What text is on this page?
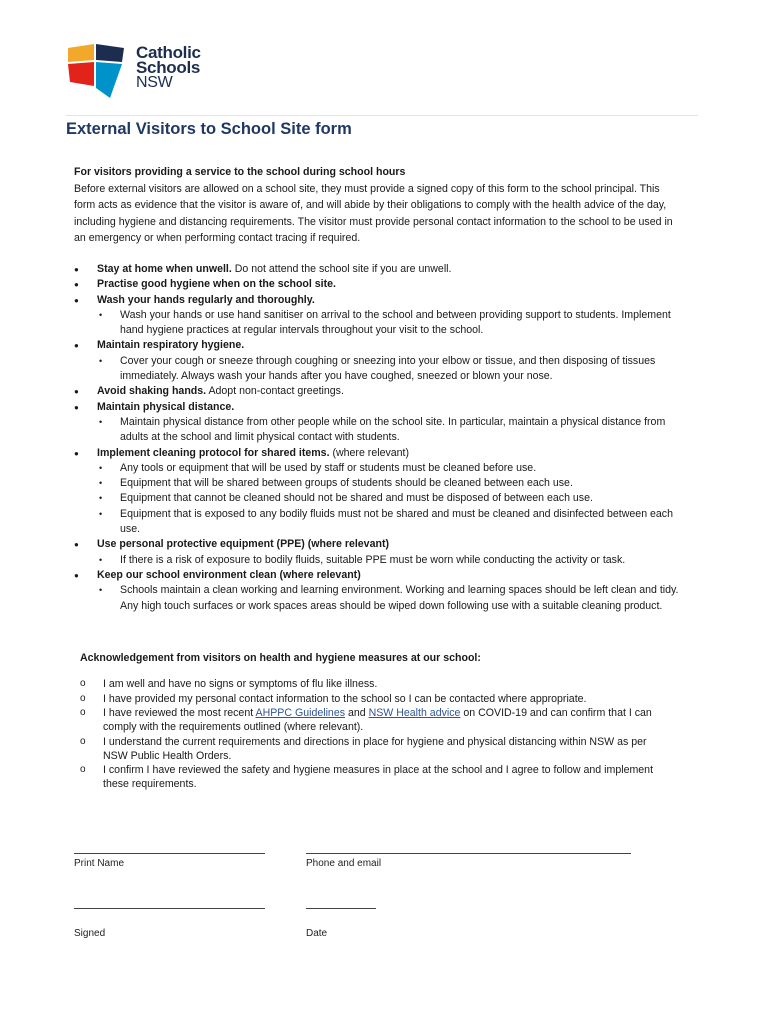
Catholic
Schools
NSW
External Visitors to School Site form
For visitors providing a service to the school during school hours
Before external visitors are allowed on a school site, they must provide a signed copy of this form to the school principal. This form acts as evidence that the visitor is aware of, and will abide by their obligations to comply with the health advice of the day, including hygiene and distancing requirements. The visitor must provide personal contact information to the school to be used in an emergency or when performing contact tracing if required.
● Stay at home when unwell. Do not attend the school site if you are unwell.
● Practise good hygiene when on the school site.
● Wash your hands regularly and thoroughly.
• Wash your hands or use hand sanitiser on arrival to the school and between providing support to students. Implement hand hygiene practices at regular intervals throughout your visit to the school.
● Maintain respiratory hygiene.
• Cover your cough or sneeze through coughing or sneezing into your elbow or tissue, and then disposing of tissues immediately. Always wash your hands after you have coughed, sneezed or blown your nose.
● Avoid shaking hands. Adopt non-contact greetings.
● Maintain physical distance.
• Maintain physical distance from other people while on the school site. In particular, maintain a physical distance from adults at the school and limit physical contact with students.
● Implement cleaning protocol for shared items. (where relevant)
• Any tools or equipment that will be used by staff or students must be cleaned before use.
• Equipment that will be shared between groups of students should be cleaned between each use.
• Equipment that cannot be cleaned should not be shared and must be disposed of between each use.
• Equipment that is exposed to any bodily fluids must not be shared and must be cleaned and disinfected between each use.
● Use personal protective equipment (PPE) (where relevant)
• If there is a risk of exposure to bodily fluids, suitable PPE must be worn while conducting the activity or task.
● Keep our school environment clean (where relevant)
• Schools maintain a clean working and learning environment. Working and learning spaces should be left clean and tidy. Any high touch surfaces or work spaces areas should be wiped down following use with a suitable cleaning product.

Acknowledgement from visitors on health and hygiene measures at our school:

o I am well and have no signs or symptoms of flu like illness.
o I have provided my personal contact information to the school so I can be contacted where appropriate.
o I have reviewed the most recent AHPPC Guidelines and NSW Health advice on COVID-19 and can confirm that I can comply with the requirements outlined (where relevant).
o I understand the current requirements and directions in place for hygiene and physical distancing within NSW as per NSW Public Health Orders.
o I confirm I have reviewed the safety and hygiene measures in place at the school and I agree to follow and implement these requirements.
Print Name	Phone and email
Signed	Date
